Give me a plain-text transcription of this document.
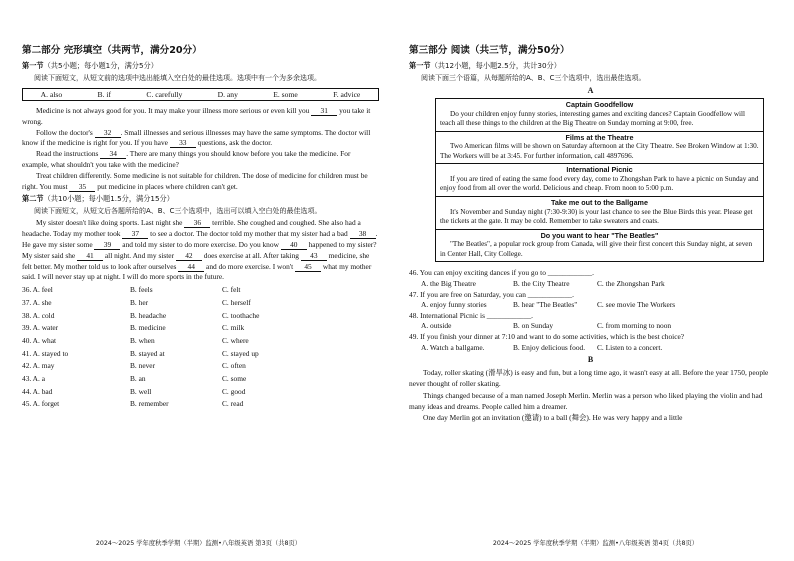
第二部分 完形填空（共两节，满分20分）
第一节（共5小题；每小题1分，满分5分）
阅读下面短文，从短文前的选项中选出能填入空白处的最佳选项。选项中有一个为多余选项。
A. also	B. if	C. carefully	D. any	E. some	F. advice

Medicine is not always good for you. It may make your illness more serious or even kill you 31 you take it wrong.

Follow the doctor's 32 . Small illnesses and serious illnesses may have the same symptoms. The doctor will know if the medicine is right for you. If you have 33 questions, ask the doctor.

Read the instructions 34 . There are many things you should know before you take the medicine. For example, what shouldn't you take with the medicine?

Treat children differently. Some medicine is not suitable for children. The dose of medicine for children must be right. You must 35 put medicine in places where children can't get.

第二节（共10小题；每小题1.5分，满分15分）
阅读下面短文，从短文后各题所给的A、B、C三个选项中，选出可以填入空白处的最佳选项。

My sister doesn't like doing sports. Last night she 36 terrible. She coughed and coughed. She also had a headache. Today my mother took 37 to see a doctor. The doctor told my mother that my sister had a bad 38 . He gave my sister some 39 and told my sister to do more exercise. Do you know 40 happened to my sister? My sister said she 41 all night. And my sister 42 does exercise at all. After taking 43 medicine, she felt better. My mother told us to look after ourselves 44 and do more exercise. I won't 45 what my mother said. I will never stay up at night. I will do more sports in the future.

36. A. feel	B. feels	C. felt
37. A. she	B. her	C. herself
38. A. cold	B. headache	C. toothache
39. A. water	B. medicine	C. milk
40. A. what	B. when	C. where
41. A. stayed to	B. stayed at	C. stayed up
42. A. may	B. never	C. often
43. A. a	B. an	C. some
44. A. bad	B. well	C. good
45. A. forget	B. remember	C. read
2024～2025 学年度秋季学期（半期）监测•八年级英语 第3页（共8页）
第三部分 阅读（共三节，满分50分）
第一节（共12小题，每小题2.5分，共计30分）
阅读下面三个语篇，从每题所给的A、B、C三个选项中，选出最佳选项。
A
Captain Goodfellow
Do your children enjoy funny stories, interesting games and exciting dances? Captain Goodfellow will teach all these things to the children at the Big Theatre on Sunday morning at 9:00, free.
Films at the Theatre
Two American films will be shown on Saturday afternoon at the City Theatre. See Broken Window at 1:30. The Workers will be at 3:45. For further information, call 4897696.
International Picnic
If you are tired of eating the same food every day, come to Zhongshan Park to have a picnic on Sunday and enjoy food from all over the world. Delicious and cheap. From noon to 5:00 p.m.
Take me out to the Ballgame
It's November and Sunday night (7:30-9:30) is your last chance to see the Blue Birds this year. Please get the tickets at the gate. It may be cold. Remember to take sweaters and coats.
Do you want to hear "The Beatles"
"The Beatles", a popular rock group from Canada, will give their first concert this Sunday night, at seven in Center Hall, City College.
46. You can enjoy exciting dances if you go to ____________.
A. the Big Theatre	B. the City Theatre	C. the Zhongshan Park
47. If you are free on Saturday, you can ____________.
A. enjoy funny stories	B. hear "The Beatles"	C. see movie The Workers
48. International Picnic is ____________.
A. outside	B. on Sunday	C. from morning to noon
49. If you finish your dinner at 7:10 and want to do some activities, which is the best choice?
A. Watch a ballgame.	B. Enjoy delicious food.	C. Listen to a concert.
B

Today, roller skating (滑旱冰) is easy and fun, but a long time ago, it wasn't easy at all. Before the year 1750, people never thought of roller skating.

Things changed because of a man named Joseph Merlin. Merlin was a person who liked playing the violin and had many ideas and dreams. People called him a dreamer.

One day Merlin got an invitation (邀请) to a ball (舞会). He was very happy and a little

2024～2025 学年度秋季学期（半期）监测•八年级英语 第4页（共8页）
